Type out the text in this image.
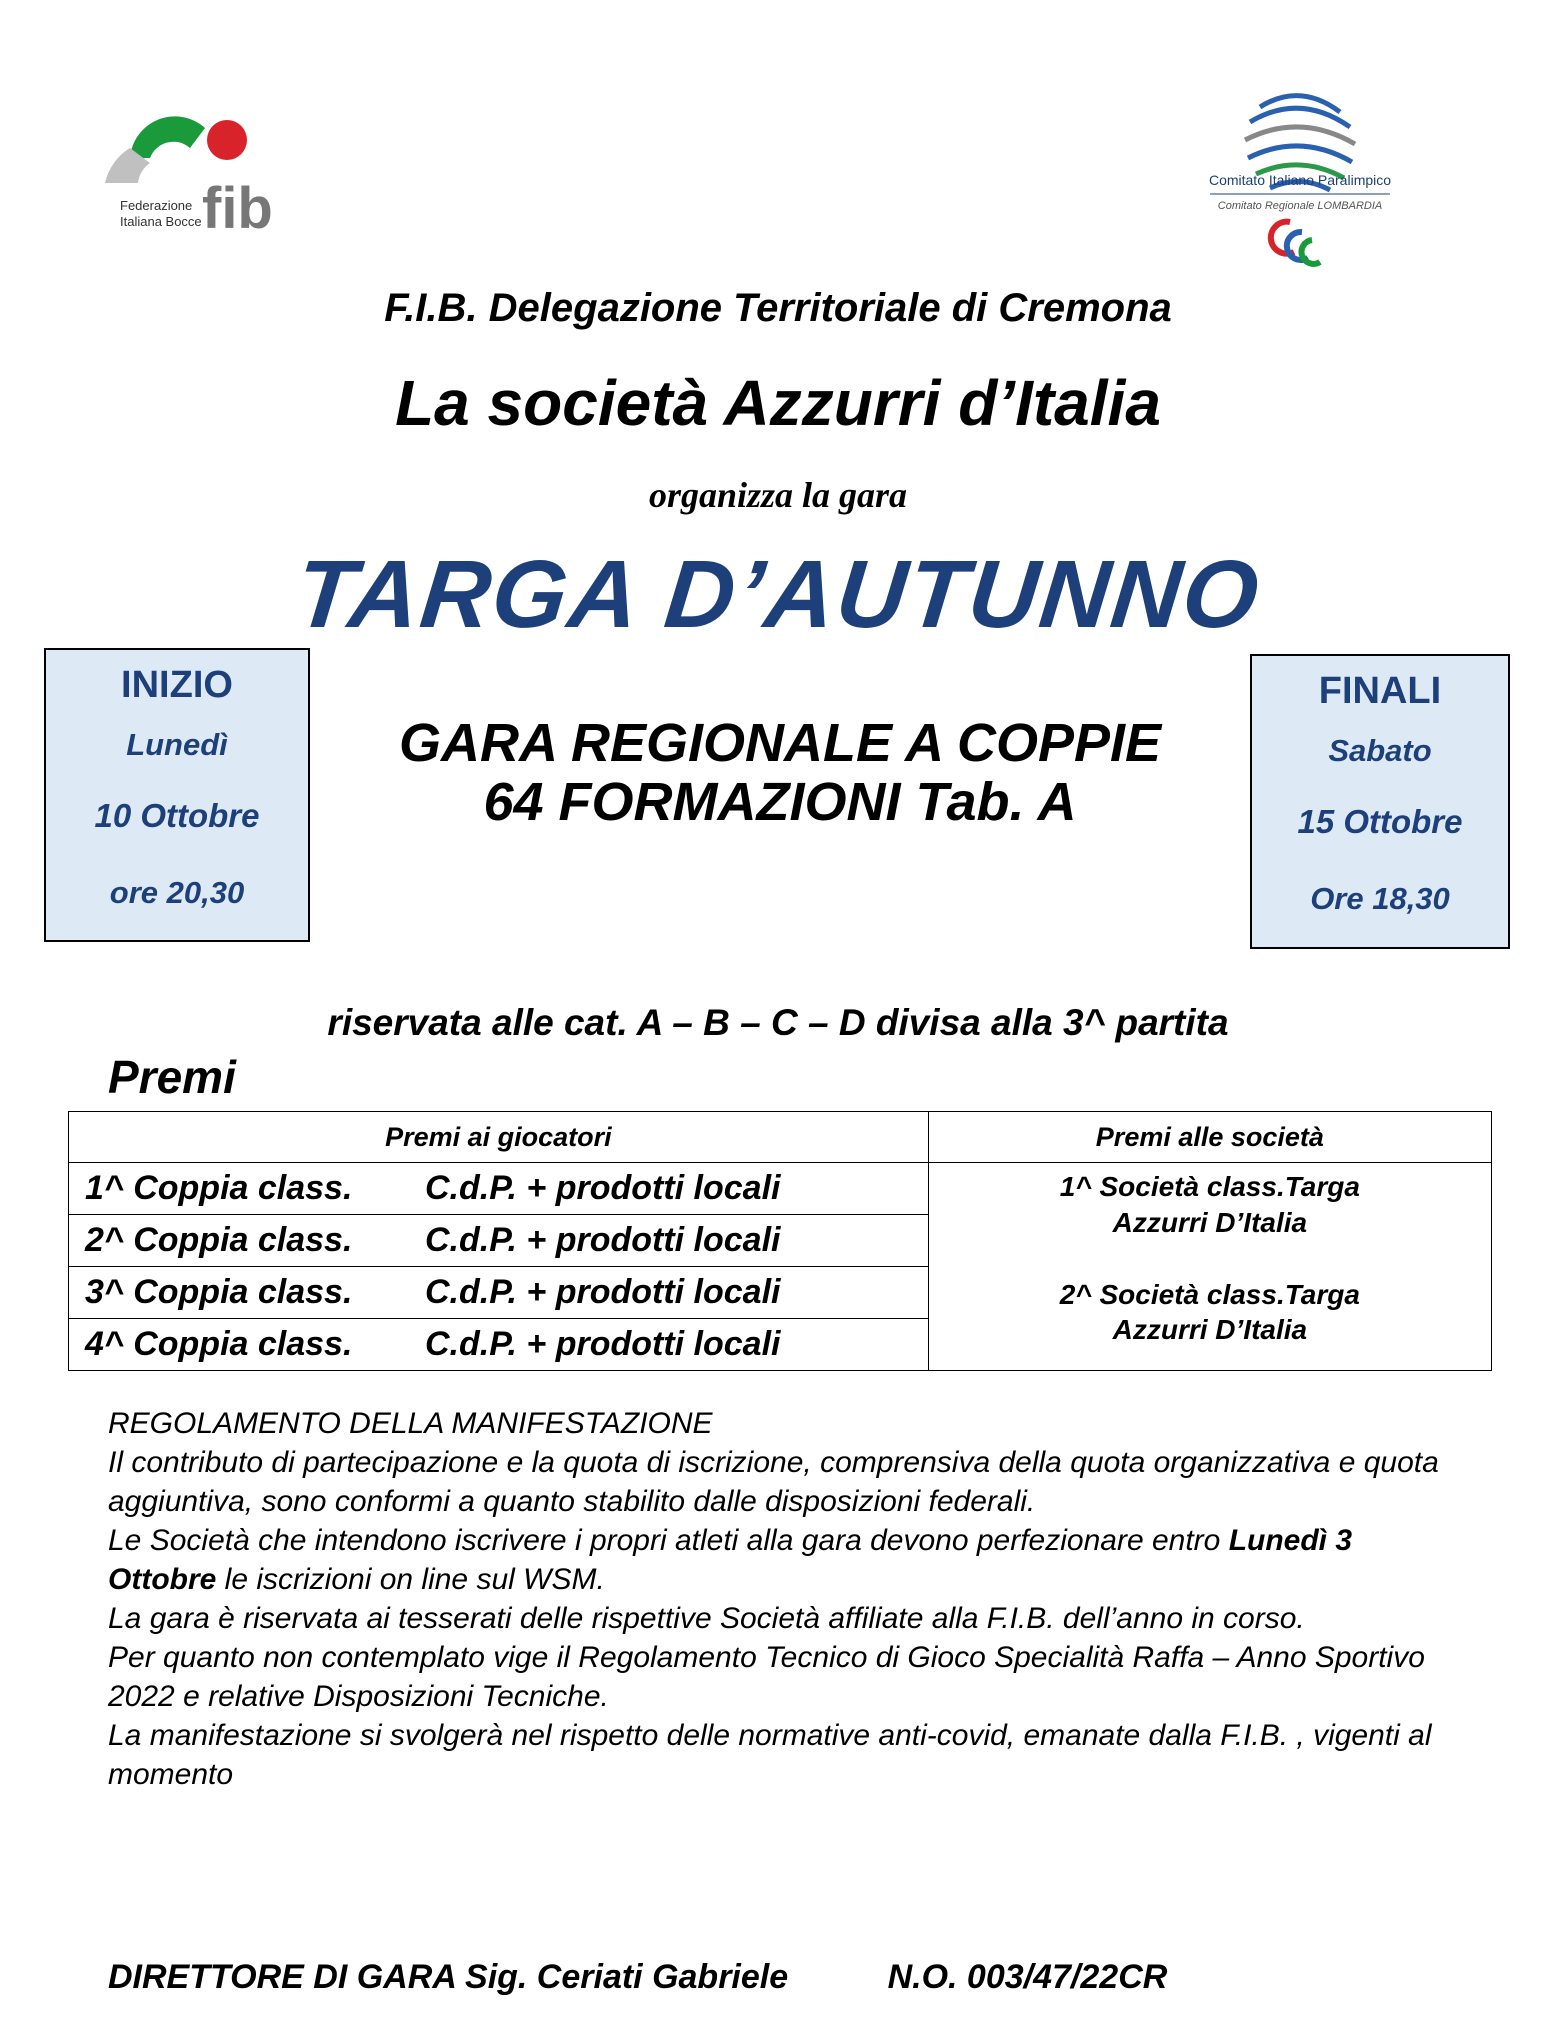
fib
Federazione
Italiana Bocce
Comitato Italiano Paralimpico
Comitato Regionale LOMBARDIA
F.I.B. Delegazione Territoriale di Cremona
La società Azzurri d’Italia
organizza la gara
TARGA D’AUTUNNO
INIZIO
Lunedì
10 Ottobre
ore 20,30
FINALI
Sabato
15 Ottobre
Ore 18,30
GARA REGIONALE A COPPIE
64 FORMAZIONI Tab. A
riservata alle cat. A – B – C – D divisa alla 3^ partita
Premi
Premi ai giocatori	Premi alle società
1^ Coppia class. C.d.P. + prodotti locali	1^ Società class.Targa
Azzurri D’Italia
2^ Società class.Targa
Azzurri D’Italia

2^ Coppia class. C.d.P. + prodotti locali	
3^ Coppia class. C.d.P. + prodotti locali	
4^ Coppia class. C.d.P. + prodotti locali	

REGOLAMENTO DELLA MANIFESTAZIONE

Il contributo di partecipazione e la quota di iscrizione, comprensiva della quota organizzativa e quota aggiuntiva, sono conformi a quanto stabilito dalle disposizioni federali.

Le Società che intendono iscrivere i propri atleti alla gara devono perfezionare entro Lunedì 3 Ottobre le iscrizioni on line sul WSM.

La gara è riservata ai tesserati delle rispettive Società affiliate alla F.I.B. dell’anno in corso.

Per quanto non contemplato vige il Regolamento Tecnico di Gioco Specialità Raffa – Anno Sportivo 2022 e relative Disposizioni Tecniche.

La manifestazione si svolgerà nel rispetto delle normative anti-covid, emanate dalla F.I.B. , vigenti al momento

DIRETTORE DI GARA Sig. Ceriati Gabriele	N.O. 003/47/22CR
